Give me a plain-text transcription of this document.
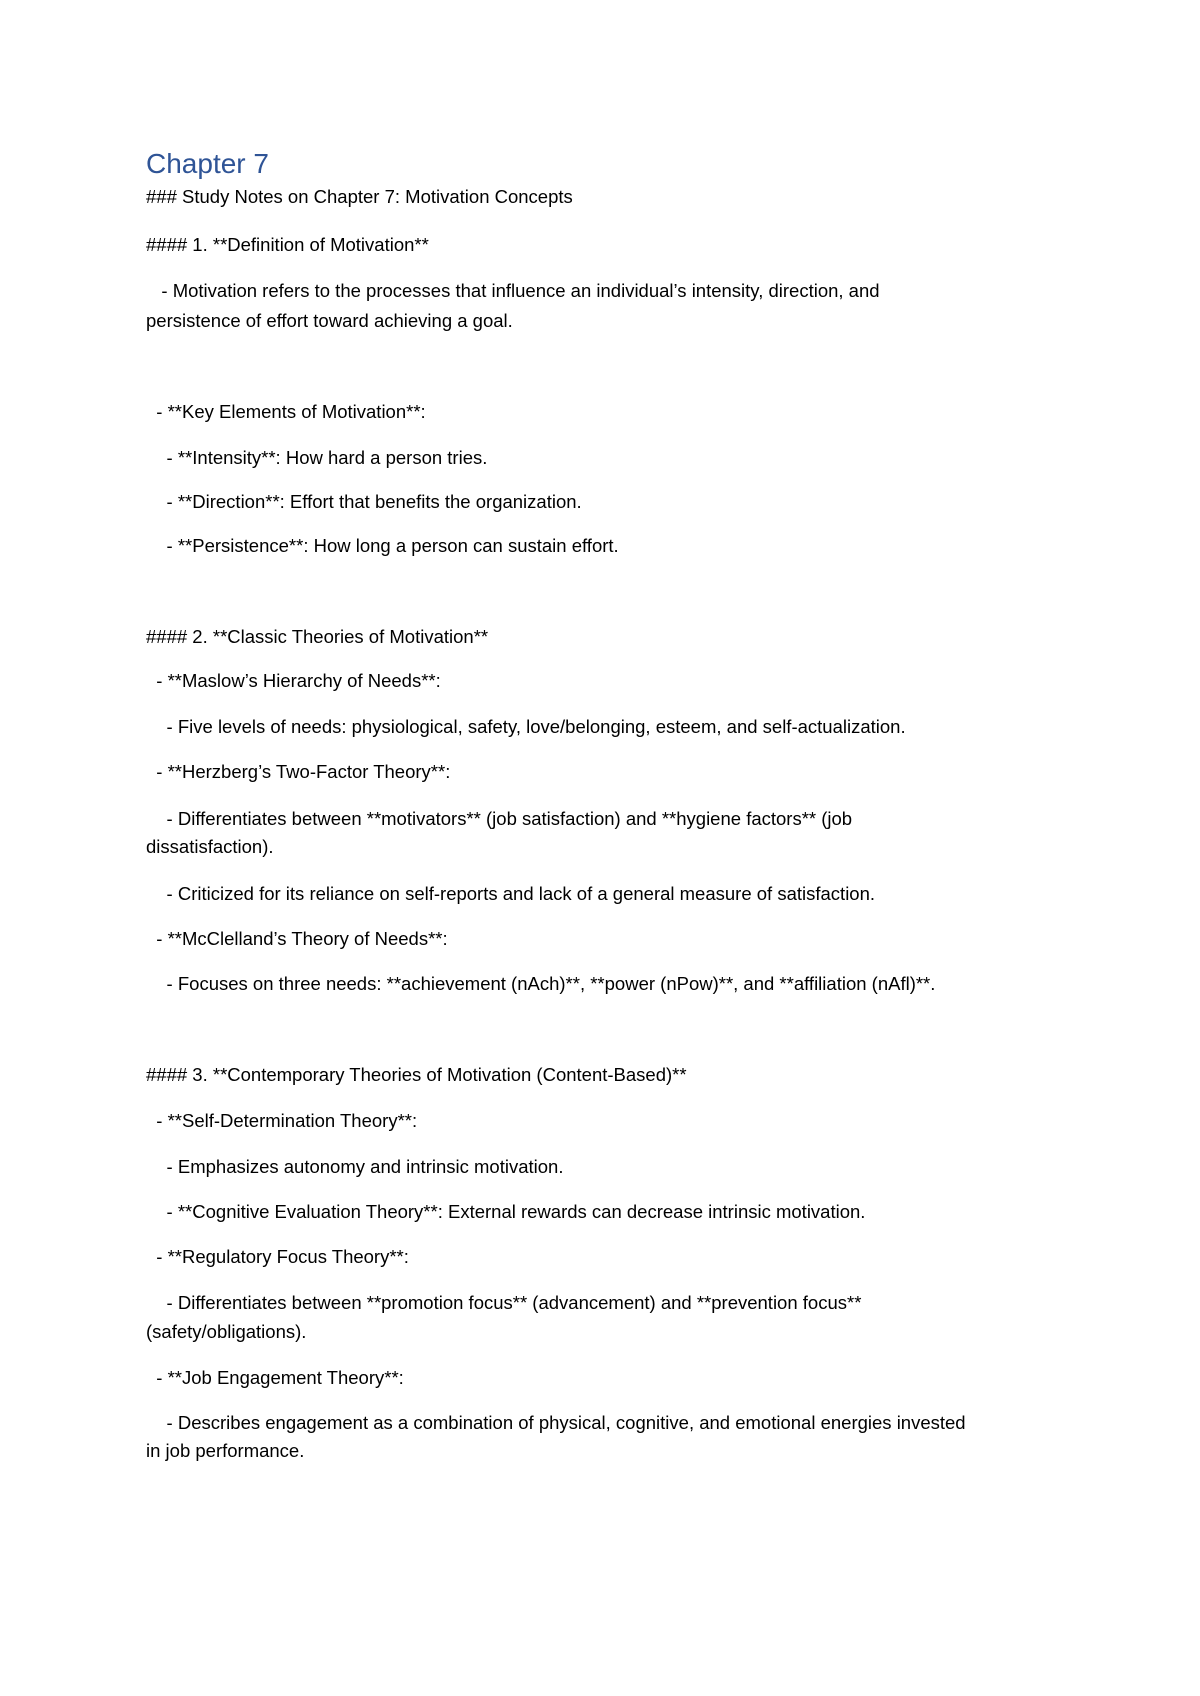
Chapter 7
### Study Notes on Chapter 7: Motivation Concepts
#### 1. **Definition of Motivation**
- Motivation refers to the processes that influence an individual’s intensity, direction, and
persistence of effort toward achieving a goal.
- **Key Elements of Motivation**:
- **Intensity**: How hard a person tries.
- **Direction**: Effort that benefits the organization.
- **Persistence**: How long a person can sustain effort.
#### 2. **Classic Theories of Motivation**
- **Maslow’s Hierarchy of Needs**:
- Five levels of needs: physiological, safety, love/belonging, esteem, and self-actualization.
- **Herzberg’s Two-Factor Theory**:
- Differentiates between **motivators** (job satisfaction) and **hygiene factors** (job
dissatisfaction).
- Criticized for its reliance on self-reports and lack of a general measure of satisfaction.
- **McClelland’s Theory of Needs**:
- Focuses on three needs: **achievement (nAch)**, **power (nPow)**, and **affiliation (nAfl)**.
#### 3. **Contemporary Theories of Motivation (Content-Based)**
- **Self-Determination Theory**:
- Emphasizes autonomy and intrinsic motivation.
- **Cognitive Evaluation Theory**: External rewards can decrease intrinsic motivation.
- **Regulatory Focus Theory**:
- Differentiates between **promotion focus** (advancement) and **prevention focus**
(safety/obligations).
- **Job Engagement Theory**:
- Describes engagement as a combination of physical, cognitive, and emotional energies invested
in job performance.
